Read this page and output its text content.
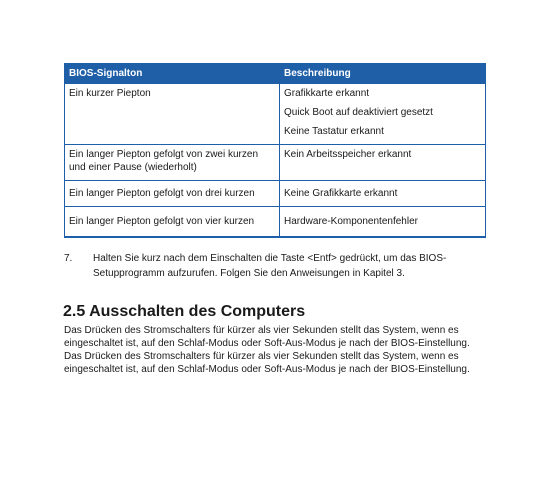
BIOS-Signalton	Beschreibung
Ein kurzer Piepton	Grafikkarte erkannt
Quick Boot auf deaktiviert gesetzt
Keine Tastatur erkannt

Ein langer Piepton gefolgt von zwei kurzen und einer Pause (wiederholt)	Kein Arbeitsspeicher erkannt
Ein langer Piepton gefolgt von drei kurzen	Keine Grafikkarte erkannt
Ein langer Piepton gefolgt von vier kurzen	Hardware-Komponentenfehler
7. Halten Sie kurz nach dem Einschalten die Taste <Entf> gedrückt, um das BIOS-Setupprogramm aufzurufen. Folgen Sie den Anweisungen in Kapitel 3.
2.5 Ausschalten des Computers
Das Drücken des Stromschalters für kürzer als vier Sekunden stellt das System, wenn es eingeschaltet ist, auf den Schlaf-Modus oder Soft-Aus-Modus je nach der BIOS-Einstellung.
Das Drücken des Stromschalters für kürzer als vier Sekunden stellt das System, wenn es eingeschaltet ist, auf den Schlaf-Modus oder Soft-Aus-Modus je nach der BIOS-Einstellung.
